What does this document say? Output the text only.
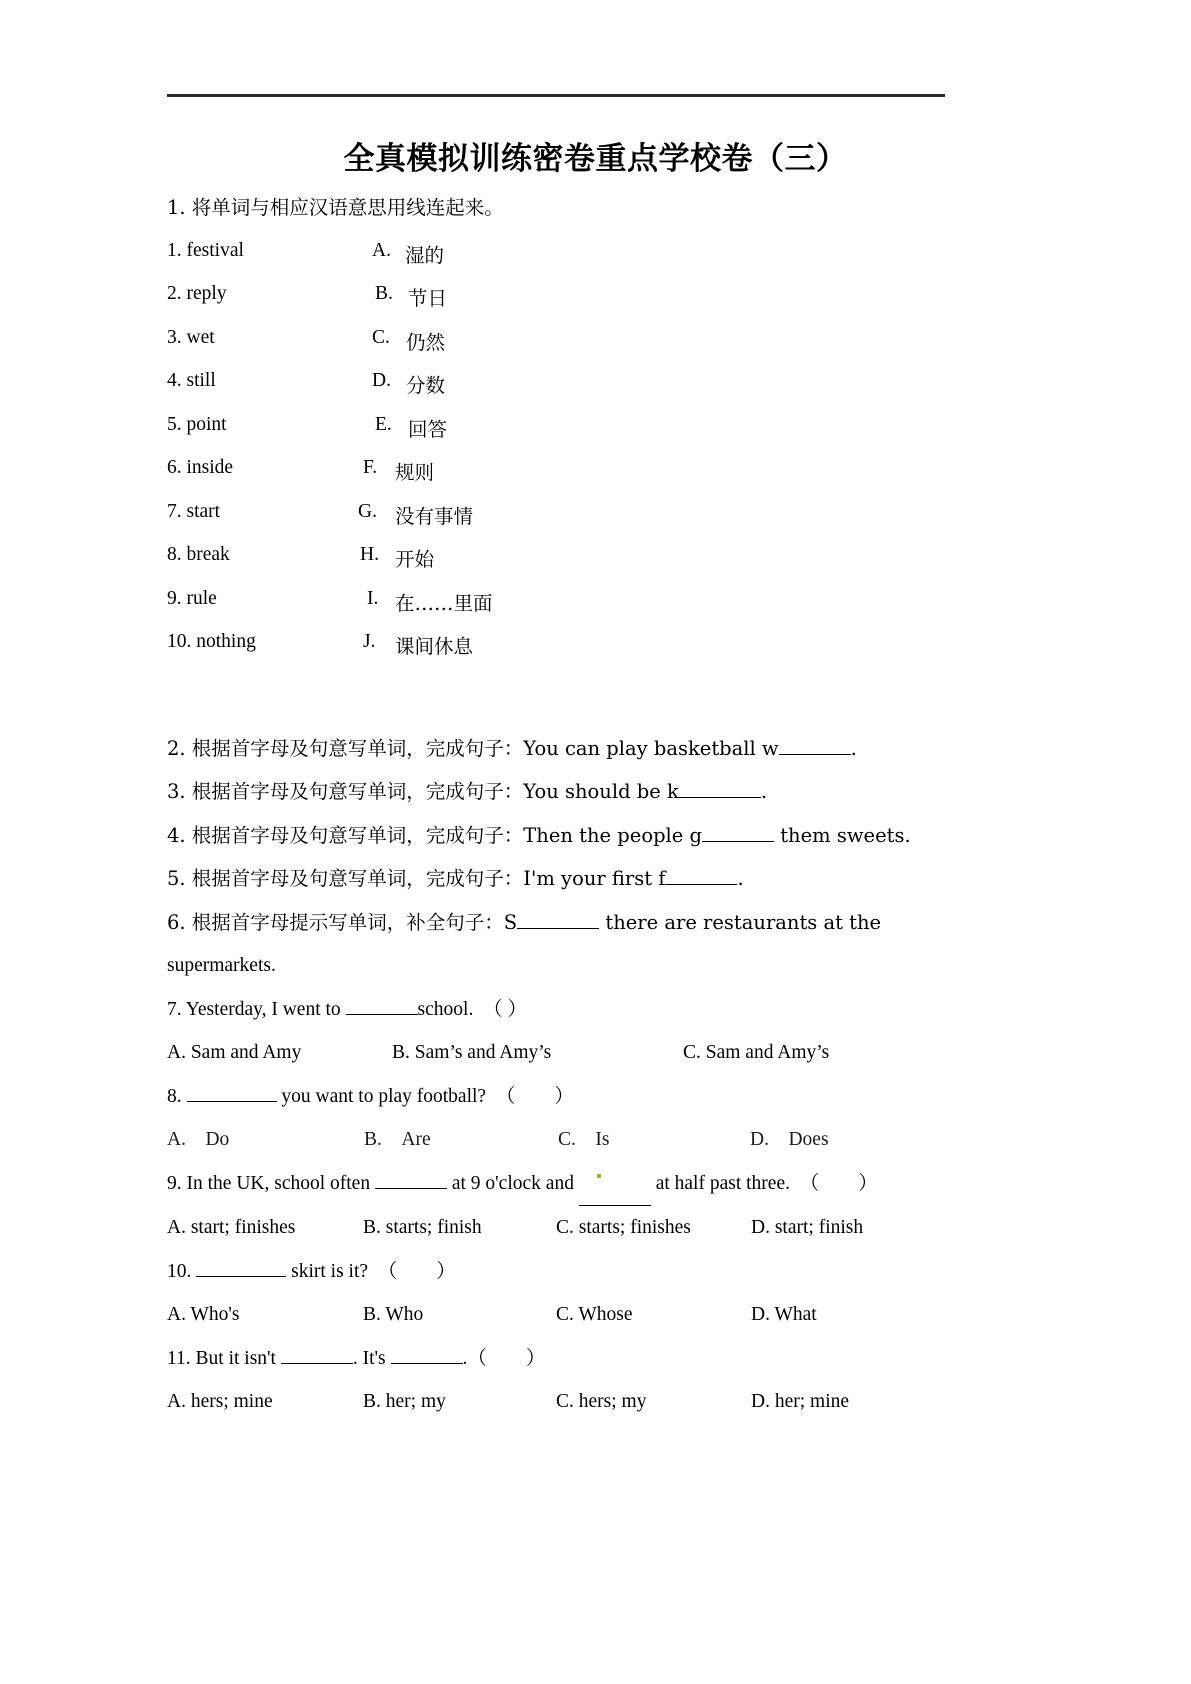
全真模拟训练密卷重点学校卷（三）
1. 将单词与相应汉语意思用线连起来。
1. festival	A. 湿的
2. reply	B. 节日
3. wet	C. 仍然
4. still	D. 分数
5. point	E. 回答
6. inside	F. 规则
7. start	G. 没有事情
8. break	H. 开始
9. rule	I. 在……里面
10. nothing	J. 课间休息
2. 根据首字母及句意写单词，完成句子：You can play basketball w	.
3. 根据首字母及句意写单词，完成句子：You should be k	.
4. 根据首字母及句意写单词，完成句子：Then the people g	them sweets.
5. 根据首字母及句意写单词，完成句子：I'm your first f	.
6. 根据首字母提示写单词，补全句子：S	there are restaurants at the
supermarkets.
7. Yesterday, I went to	school.　（ ）
A. Sam and Amy	B. Sam’s and Amy’s	C. Sam and Amy’s
8.	you want to play football?　（　　）
A.　Do	B.　Are	C.　Is	D.　Does
9. In the UK, school often	at 9 o'clock and	at half past three.　（　　）
A. start; finishes	B. starts; finish	C. starts; finishes	D. start; finish
10.	skirt is it?　（　　）
A. Who's	B. Who	C. Whose	D. What
11. But it isn't	. It's	.（　　）
A. hers; mine	B. her; my	C. hers; my	D. her; mine
